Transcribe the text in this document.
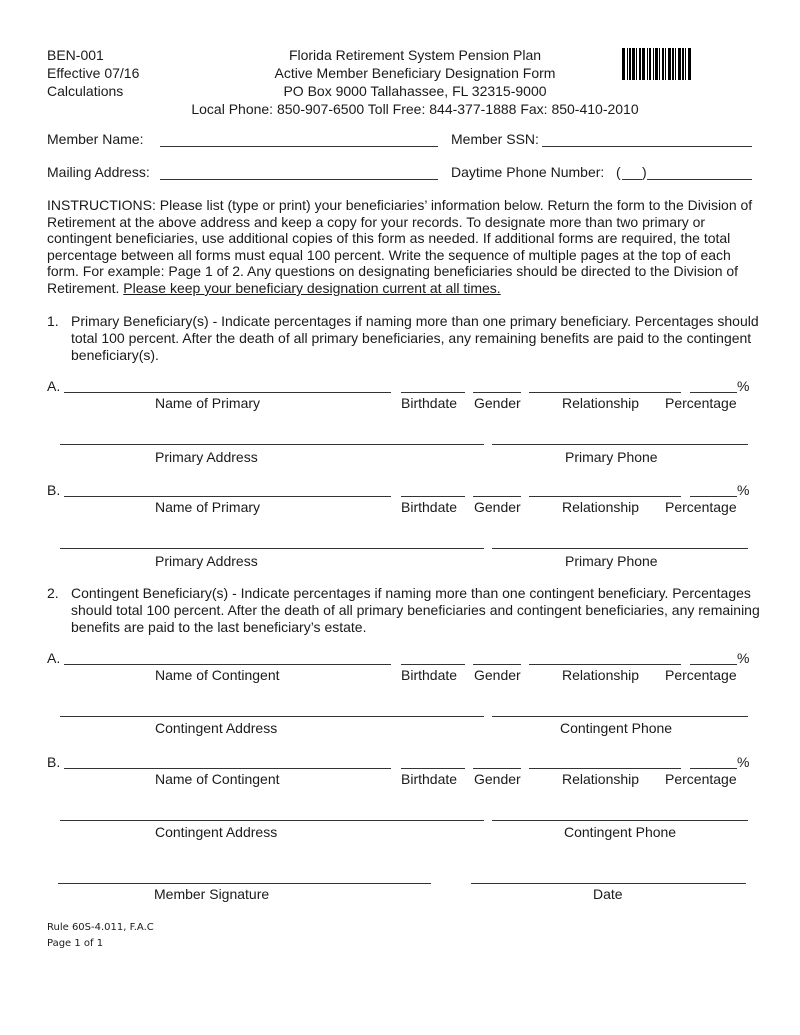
BEN-001
Effective 07/16
Calculations
Florida Retirement System Pension Plan
Active Member Beneficiary Designation Form
PO Box 9000 Tallahassee, FL 32315-9000
Local Phone: 850-907-6500 Toll Free: 844-377-1888 Fax: 850-410-2010
Member Name:	Member SSN:
Mailing Address:	Daytime Phone Number: ( )
INSTRUCTIONS: Please list (type or print) your beneficiaries’ information below. Return the form to the Division of Retirement at the above address and keep a copy for your records. To designate more than two primary or contingent beneficiaries, use additional copies of this form as needed. If additional forms are required, the total percentage between all forms must equal 100 percent. Write the sequence of multiple pages at the top of each form. For example: Page 1 of 2. Any questions on designating beneficiaries should be directed to the Division of Retirement. Please keep your beneficiary designation current at all times.
1. Primary Beneficiary(s) - Indicate percentages if naming more than one primary beneficiary. Percentages should total 100 percent. After the death of all primary beneficiaries, any remaining benefits are paid to the contingent beneficiary(s).
A.	%
Name of Primary	Birthdate Gender	Relationship Percentage
Primary Address	Primary Phone
B.	%
Name of Primary	Birthdate Gender	Relationship Percentage
Primary Address	Primary Phone
2. Contingent Beneficiary(s) - Indicate percentages if naming more than one contingent beneficiary. Percentages should total 100 percent. After the death of all primary beneficiaries and contingent beneficiaries, any remaining benefits are paid to the last beneficiary’s estate.
A.	%
Name of Contingent	Birthdate Gender	Relationship Percentage
Contingent Address	Contingent Phone
B.	%
Name of Contingent	Birthdate Gender	Relationship Percentage
Contingent Address	Contingent Phone
Member Signature	Date
Rule 60S-4.011, F.A.C
Page 1 of 1
